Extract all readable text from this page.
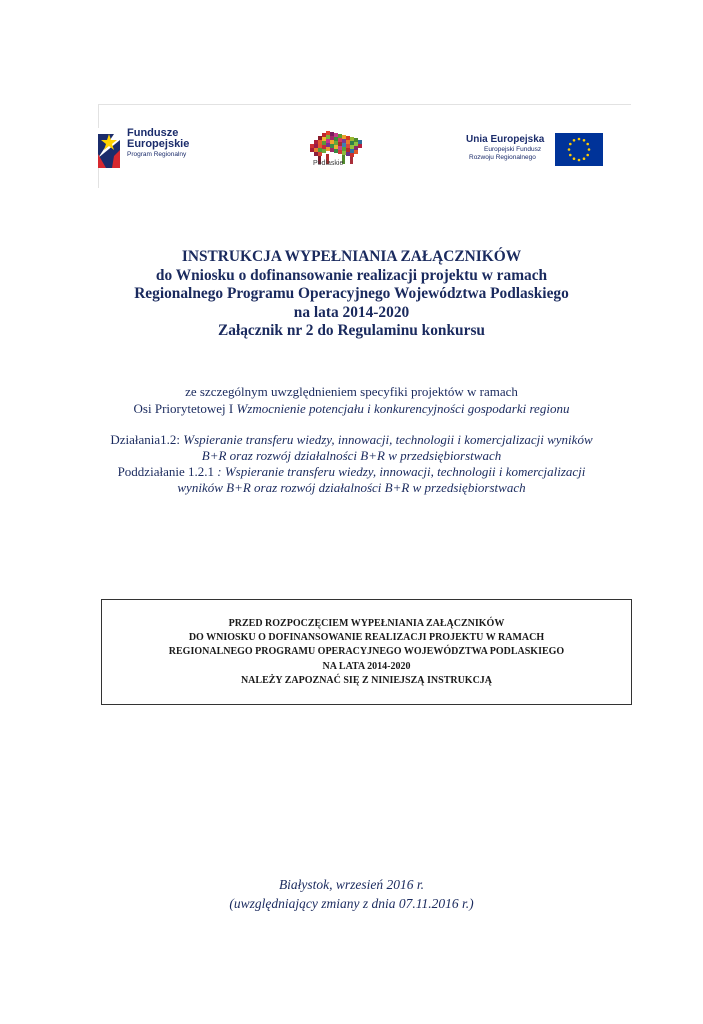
Fundusze
Europejskie
Program Regionalny
Podlaskie
Unia Europejska
Europejski Fundusz
Rozwoju Regionalnego
INSTRUKCJA WYPEŁNIANIA ZAŁĄCZNIKÓW
do Wniosku o dofinansowanie realizacji projektu w ramach
Regionalnego Programu Operacyjnego Województwa Podlaskiego
na lata 2014-2020
Załącznik nr 2 do Regulaminu konkursu
ze szczególnym uwzględnieniem specyfiki projektów w ramach
Osi Priorytetowej I Wzmocnienie potencjału i konkurencyjności gospodarki regionu
Działania1.2: Wspieranie transferu wiedzy, innowacji, technologii i komercjalizacji wyników
B+R oraz rozwój działalności B+R w przedsiębiorstwach
Poddziałanie 1.2.1 : Wspieranie transferu wiedzy, innowacji, technologii i komercjalizacji
wyników B+R oraz rozwój działalności B+R w przedsiębiorstwach
PRZED ROZPOCZĘCIEM WYPEŁNIANIA ZAŁĄCZNIKÓW
DO WNIOSKU O DOFINANSOWANIE REALIZACJI PROJEKTU W RAMACH
REGIONALNEGO PROGRAMU OPERACYJNEGO WOJEWÓDZTWA PODLASKIEGO
NA LATA 2014-2020
NALEŻY ZAPOZNAĆ SIĘ Z NINIEJSZĄ INSTRUKCJĄ
Białystok, wrzesień 2016 r.
(uwzględniający zmiany z dnia 07.11.2016 r.)
